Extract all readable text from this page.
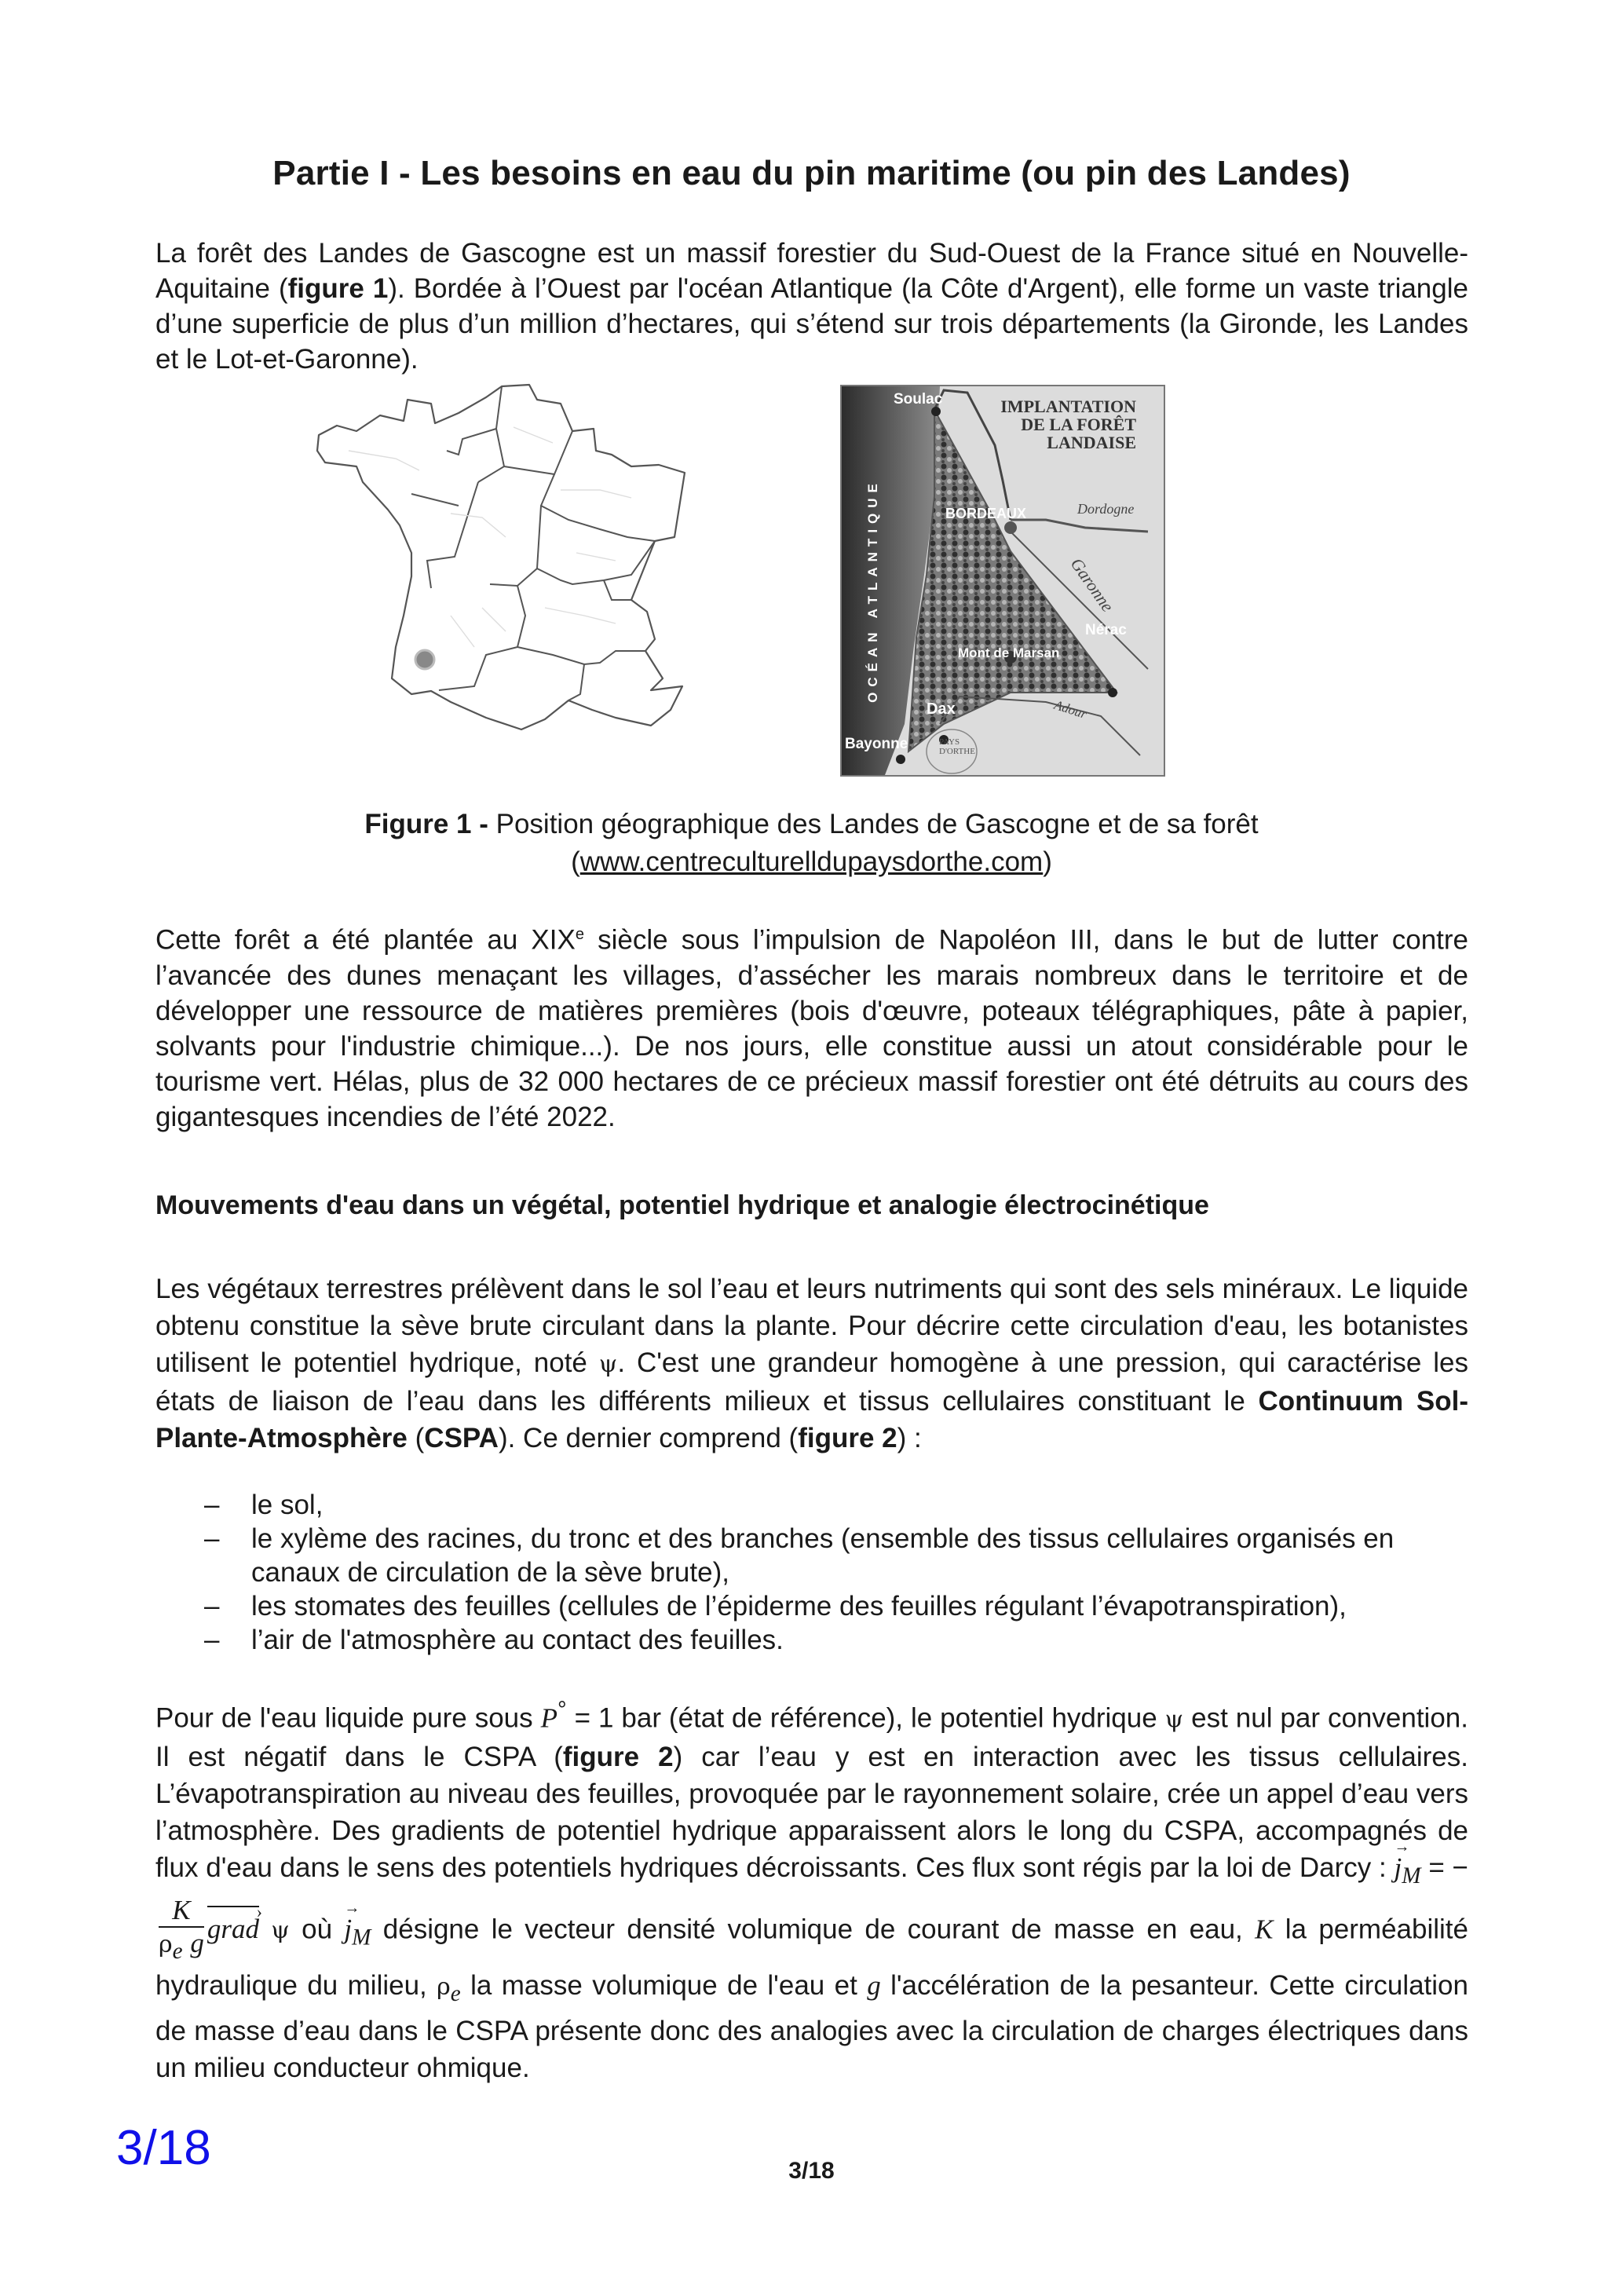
Partie I - Les besoins en eau du pin maritime (ou pin des Landes)
La forêt des Landes de Gascogne est un massif forestier du Sud-Ouest de la France situé en Nouvelle-Aquitaine (figure 1). Bordée à l’Ouest par l'océan Atlantique (la Côte d'Argent), elle forme un vaste triangle d’une superficie de plus d’un million d’hectares, qui s’étend sur trois départements (la Gironde, les Landes et le Lot-et-Garonne).
IMPLANTATION
DE LA FORÊT
LANDAISE
OCÉAN ATLANTIQUE
Soulac
BORDEAUX
Nérac
Mont de Marsan
Dax
Bayonne
Dordogne
Garonne
Adour
PAYS
D'ORTHE
Figure 1 - Position géographique des Landes de Gascogne et de sa forêt
(www.centreculturelldupaysdorthe.com)
Cette forêt a été plantée au XIXe siècle sous l’impulsion de Napoléon III, dans le but de lutter contre l’avancée des dunes menaçant les villages, d’assécher les marais nombreux dans le territoire et de développer une ressource de matières premières (bois d'œuvre, poteaux télégraphiques, pâte à papier, solvants pour l'industrie chimique...). De nos jours, elle constitue aussi un atout considérable pour le tourisme vert. Hélas, plus de 32 000 hectares de ce précieux massif forestier ont été détruits au cours des gigantesques incendies de l’été 2022.
Mouvements d'eau dans un végétal, potentiel hydrique et analogie électrocinétique
Les végétaux terrestres prélèvent dans le sol l’eau et leurs nutriments qui sont des sels minéraux. Le liquide obtenu constitue la sève brute circulant dans la plante. Pour décrire cette circulation d'eau, les botanistes utilisent le potentiel hydrique, noté ψ. C'est une grandeur homogène à une pression, qui caractérise les états de liaison de l’eau dans les différents milieux et tissus cellulaires constituant le Continuum Sol-Plante-Atmosphère (CSPA). Ce dernier comprend (figure 2) :
– le sol,
– le xylème des racines, du tronc et des branches (ensemble des tissus cellulaires organisés en canaux de circulation de la sève brute),
– les stomates des feuilles (cellules de l’épiderme des feuilles régulant l’évapotranspiration),
– l’air de l'atmosphère au contact des feuilles.
Pour de l'eau liquide pure sous P° = 1 bar (état de référence), le potentiel hydrique ψ est nul par convention. Il est négatif dans le CSPA (figure 2) car l’eau y est en interaction avec les tissus cellulaires. L’évapotranspiration au niveau des feuilles, provoquée par le rayonnement solaire, crée un appel d’eau vers l’atmosphère. Des gradients de potentiel hydrique apparaissent alors le long du CSPA, accompagnés de flux d'eau dans le sens des potentiels hydriques décroissants. Ces flux sont régis par la loi de Darcy : → $j_M$ = −
$\frac{K}{\rho_e g}$ grad › ψ où → $j_M$ désigne le vecteur densité volumique de courant de masse en eau, K la perméabilité hydraulique du milieu, $\rho_e$ la masse volumique de l'eau et g l'accélération de la pesanteur. Cette circulation de masse d’eau dans le CSPA présente donc des analogies avec la circulation de charges électriques dans un milieu conducteur ohmique.
3/18	3/18
